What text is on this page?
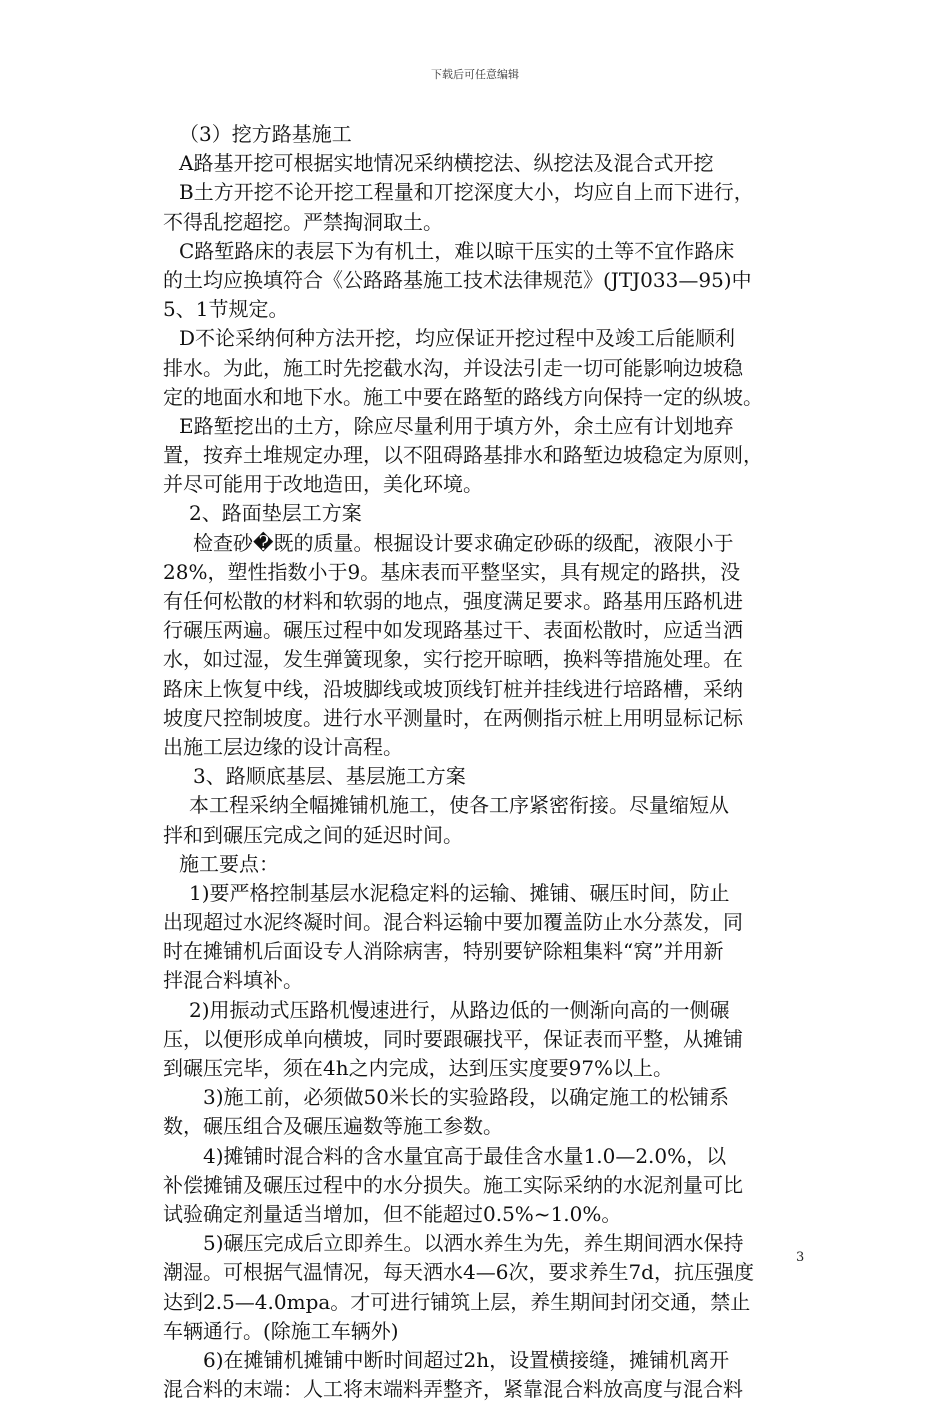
下载后可任意编辑
（3）挖方路基施工
A路基开挖可根据实地情况采纳横挖法、纵挖法及混合式开挖
B土方开挖不论开挖工程量和丌挖深度大小，均应自上而下进行，
不得乱挖超挖。严禁掏洞取土。
C路堑路床的表层下为有机土，难以晾干压实的土等不宜作路床
的土均应换填符合《公路路基施工技术法律规范》(JTJ033—95)中
5、1节规定。
D不论采纳何种方法开挖，均应保证开挖过程中及竣工后能顺利
排水。为此，施工时先挖截水沟，并设法引走一切可能影响边坡稳
定的地面水和地下水。施工中要在路堑的路线方向保持一定的纵坡。
E路堑挖出的土方，除应尽量利用于填方外，余土应有计划地弃
置，按弃土堆规定办理，以不阻碍路基排水和路堑边坡稳定为原则，
并尽可能用于改地造田，美化环境。
2、路面垫层工方案
检查砂�既的质量。根掘设计要求确定砂砾的级配，液限小于
28%，塑性指数小于9。基床表而平整坚实，具有规定的路拱，没
有任何松散的材料和软弱的地点，强度满足要求。路基用压路机进
行碾压两遍。碾压过程中如发现路基过干、表面松散时，应适当洒
水，如过湿，发生弹簧现象，实行挖开晾晒，换料等措施处理。在
路床上恢复中线，沿坡脚线或坡顶线钉桩并挂线进行培路槽，采纳
坡度尺控制坡度。进行水平测量时，在两侧指示桩上用明显标记标
出施工层边缘的设计高程。
3、路顺底基层、基层施工方案
本工程采纳全幅摊铺机施工，使各工序紧密衔接。尽量缩短从
拌和到碾压完成之间的延迟时间。
施工要点：
1)要严格控制基层水泥稳定料的运输、摊铺、碾压时间，防止
出现超过水泥终凝时间。混合料运输中要加覆盖防止水分蒸发，同
时在摊铺机后面设专人消除病害，特别要铲除粗集料“窝”并用新
拌混合料填补。
2)用振动式压路机慢速进行，从路边低的一侧渐向高的一侧碾
压，以便形成单向横坡，同时要跟碾找平，保证表而平整，从摊铺
到碾压完毕，须在4h之内完成，达到压实度要97%以上。
3)施工前，必须做50米长的实验路段，以确定施工的松铺系
数，碾压组合及碾压遍数等施工参数。
4)摊铺时混合料的含水量宜高于最佳含水量1.0—2.0%，以
补偿摊铺及碾压过程中的水分损失。施工实际采纳的水泥剂量可比
试验确定剂量适当增加，但不能超过0.5%~1.0%。
5)碾压完成后立即养生。以洒水养生为先，养生期间洒水保持
潮湿。可根据气温情况，每天洒水4—6次，要求养生7d，抗压强度
达到2.5—4.0mpa。才可进行铺筑上层，养生期间封闭交通，禁止
车辆通行。(除施工车辆外)
6)在摊铺机摊铺中断时间超过2h，设置横接缝，摊铺机离开
混合料的末端：人工将末端料弄整齐，紧靠混合料放高度与混合料
3
